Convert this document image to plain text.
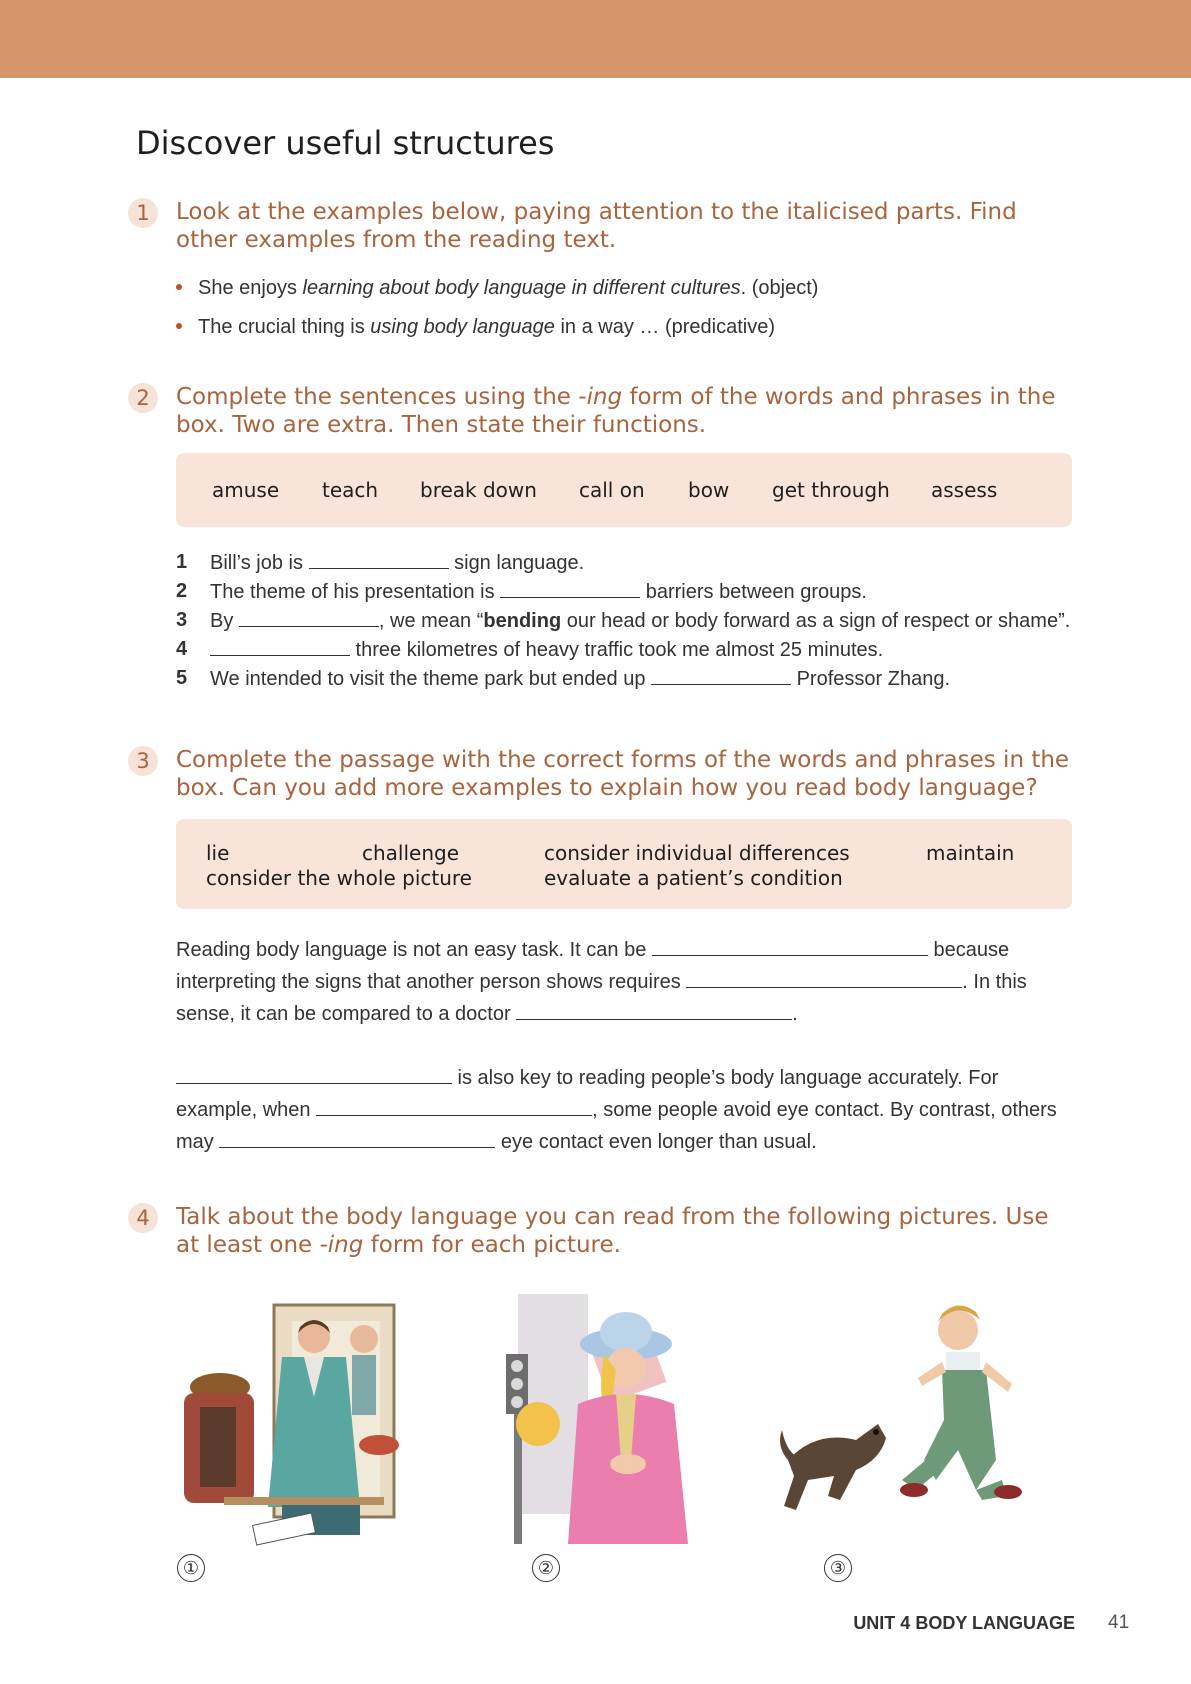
Discover useful structures
1	Look at the examples below, paying attention to the italicised parts. Find other examples from the reading text.

She enjoys learning about body language in different cultures. (object)
The crucial thing is using body language in a way … (predicative)
2	Complete the sentences using the -ing form of the words and phrases in the box. Two are extra. Then state their functions.

amuse teach break down call on bow get through assess
1 Bill’s job is	sign language.
2 The theme of his presentation is	barriers between groups.
3 By	, we mean “bending our head or body forward as a sign of respect or shame”.
4	three kilometres of heavy traffic took me almost 25 minutes.
5 We intended to visit the theme park but ended up	Professor Zhang.
3	Complete the passage with the correct forms of the words and phrases in the box. Can you add more examples to explain how you read body language?

lie	challenge	consider individual differences	maintain
consider the whole picture	evaluate a patient’s condition

Reading body language is not an easy task. It can be	because interpreting the signs that another person shows requires	. In this sense, it can be compared to a doctor	.

is also key to reading people’s body language accurately. For example, when	, some people avoid eye contact. By contrast, others may	eye contact even longer than usual.

4	Talk about the body language you can read from the following pictures. Use at least one -ing form for each picture.

①	②	③
UNIT 4 BODY LANGUAGE 41
